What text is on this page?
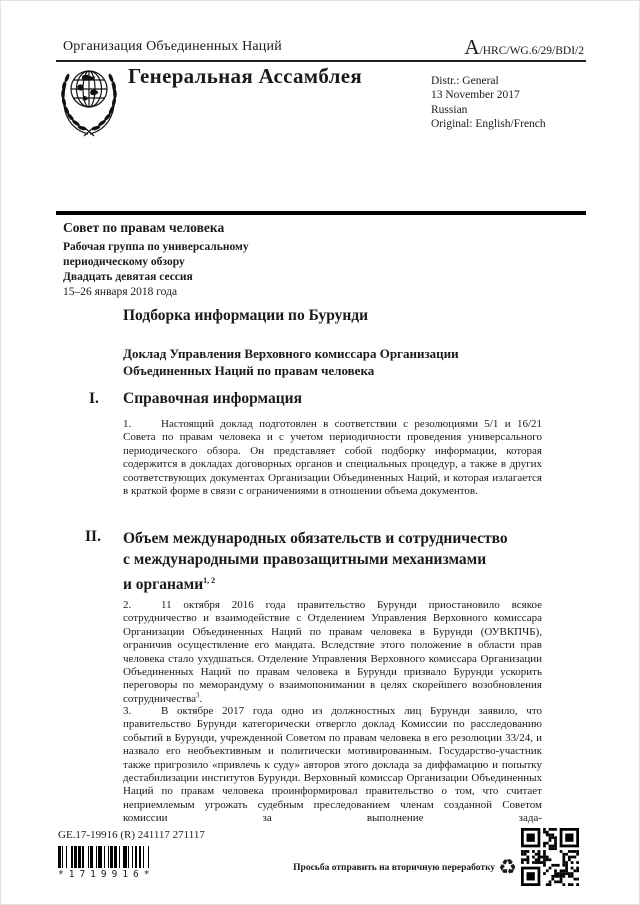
Организация Объединенных Наций	A/HRC/WG.6/29/BDI/2
Генеральная Ассамблея	Distr.: General
13 November 2017
Russian
Original: English/French
Совет по правам человека
Рабочая группа по универсальному
периодическому обзору
Двадцать девятая сессия
15–26 января 2018 года
Подборка информации по Бурунди
Доклад Управления Верховного комиссара Организации
Объединенных Наций по правам человека
I. Справочная информация

1.	Настоящий доклад подготовлен в соответствии с резолюциями 5/1 и 16/21 Совета по правам человека и с учетом периодичности проведения универсального периодического обзора. Он представляет собой подборку информации, которая содержится в докладах договорных органов и специальных процедур, а также в других соответствующих документах Организации Объединенных Наций, и которая излагается в краткой форме в связи с ограничениями в отношении объема документов.

II. Объем международных обязательств и сотрудничество
с международными правозащитными механизмами
и органами$^{1, 2}$

2.	11 октября 2016 года правительство Бурунди приостановило всякое сотрудничество и взаимодействие с Отделением Управления Верховного комиссара Организации Объединенных Наций по правам человека в Бурунди (ОУВКПЧБ), ограничив осуществление его мандата. Вследствие этого положение в области прав человека стало ухудшаться. Отделение Управления Верховного комиссара Организации Объединенных Наций по правам человека в Бурунди призвало Бурунди ускорить переговоры по меморандуму о взаимопонимании в целях скорейшего возобновления сотрудничества$^3$.

3.	В октябре 2017 года одно из должностных лиц Бурунди заявило, что правительство Бурунди категорически отвергло доклад Комиссии по расследованию событий в Бурунди, учрежденной Советом по правам человека в его резолюции 33/24, и назвало его необъективным и политически мотивированным. Государство-участник также пригрозило «привлечь к суду» авторов этого доклада за диффамацию и попытку дестабилизации институтов Бурунди. Верховный комиссар Организации Объединенных Наций по правам человека проинформировал правительство о том, что считает неприемлемым угрожать судебным преследованием членам созданной Советом комиссии за выполнение зада-

GE.17-19916 (R) 241117 271117
*1719916*
Просьба отправить на вторичную переработку ♻
